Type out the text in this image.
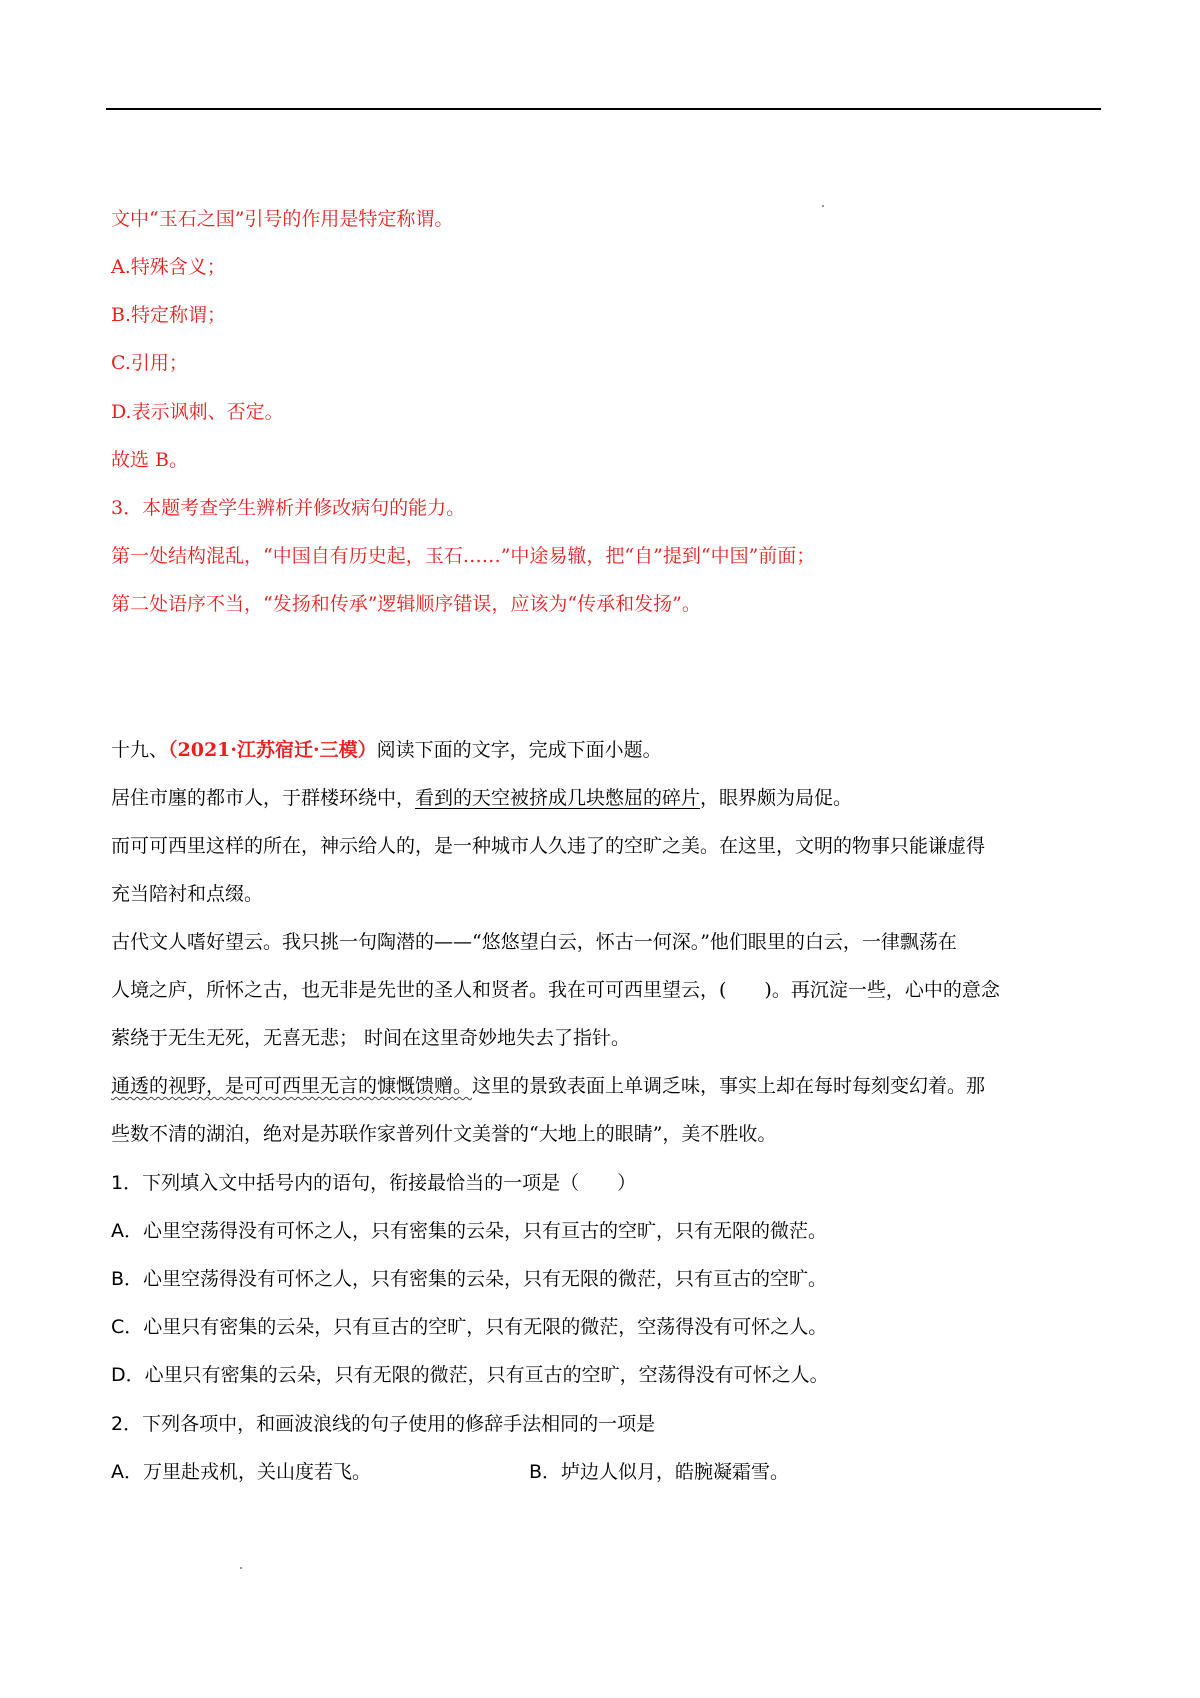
文中“玉石之国”引号的作用是特定称谓。
A.特殊含义；
B.特定称谓；
C.引用；
D.表示讽刺、否定。
故选 B。
3．本题考查学生辨析并修改病句的能力。
第一处结构混乱，“中国自有历史起，玉石……”中途易辙，把“自”提到“中国”前面；
第二处语序不当，“发扬和传承”逻辑顺序错误，应该为“传承和发扬”。
十九、（2021·江苏宿迁·三模）阅读下面的文字，完成下面小题。
居住市廛的都市人，于群楼环绕中，看到的天空被挤成几块憋屈的碎片，眼界颇为局促。
而可可西里这样的所在，神示给人的，是一种城市人久违了的空旷之美。在这里，文明的物事只能谦虚得
充当陪衬和点缀。
古代文人嗜好望云。我只挑一句陶潜的——“悠悠望白云，怀古一何深。”他们眼里的白云，一律飘荡在
人境之庐，所怀之古，也无非是先世的圣人和贤者。我在可可西里望云，(　　)。再沉淀一些，心中的意念
萦绕于无生无死，无喜无悲； 时间在这里奇妙地失去了指针。
通透的视野，是可可西里无言的慷慨馈赠。这里的景致表面上单调乏味，事实上却在每时每刻变幻着。那
些数不清的湖泊，绝对是苏联作家普列什文美誉的“大地上的眼睛”，美不胜收。
1．下列填入文中括号内的语句，衔接最恰当的一项是（　　）
A．心里空荡得没有可怀之人，只有密集的云朵，只有亘古的空旷，只有无限的微茫。
B．心里空荡得没有可怀之人，只有密集的云朵，只有无限的微茫，只有亘古的空旷。
C．心里只有密集的云朵，只有亘古的空旷，只有无限的微茫，空荡得没有可怀之人。
D．心里只有密集的云朵，只有无限的微茫，只有亘古的空旷，空荡得没有可怀之人。
2．下列各项中，和画波浪线的句子使用的修辞手法相同的一项是
A．万里赴戎机，关山度若飞。	B．垆边人似月，皓腕凝霜雪。
